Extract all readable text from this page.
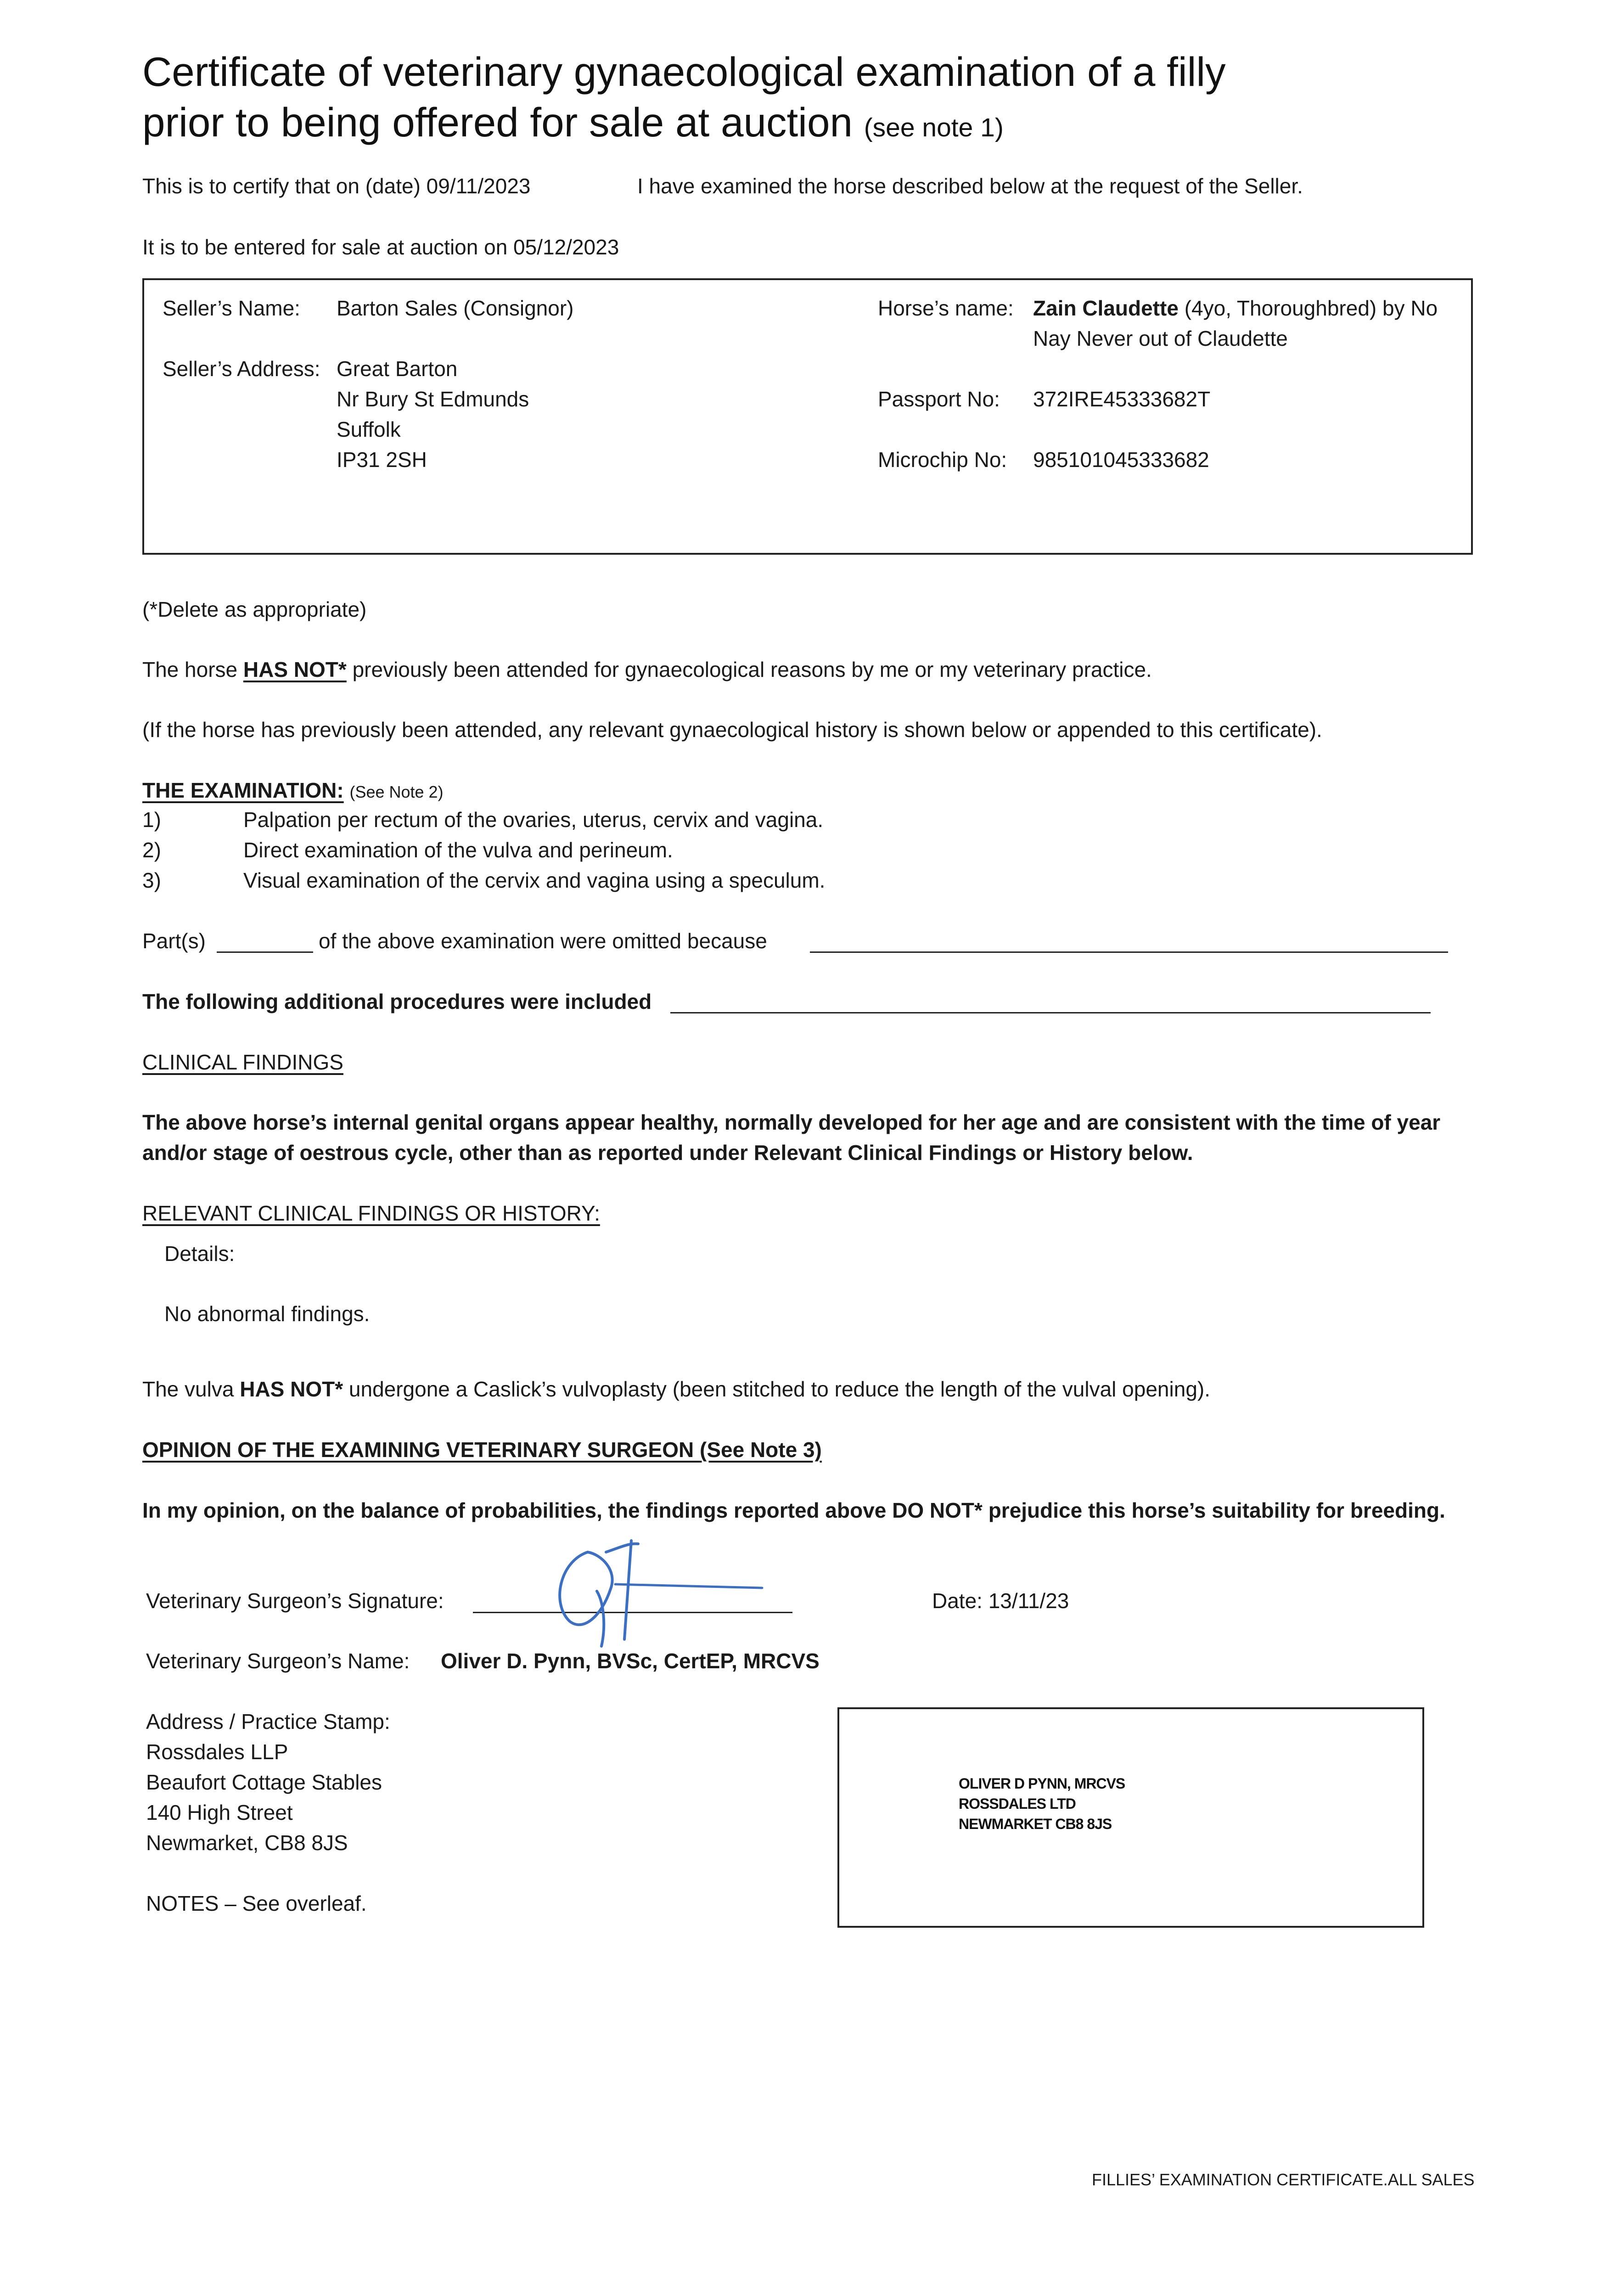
Certificate of veterinary gynaecological examination of a filly
prior to being offered for sale at auction (see note 1)
This is to certify that on (date) 09/11/2023	I have examined the horse described below at the request of the Seller.
It is to be entered for sale at auction on 05/12/2023
Seller’s Name: Barton Sales (Consignor)
Seller’s Address: Great Barton
Nr Bury St Edmunds
Suffolk
IP31 2SH
Horse’s name: Zain Claudette (4yo, Thoroughbred) by No
Nay Never out of Claudette
Passport No: 372IRE45333682T
Microchip No: 985101045333682
(*Delete as appropriate)
The horse HAS NOT* previously been attended for gynaecological reasons by me or my veterinary practice.
(If the horse has previously been attended, any relevant gynaecological history is shown below or appended to this certificate).
THE EXAMINATION: (See Note 2)
1)	Palpation per rectum of the ovaries, uterus, cervix and vagina.
2)	Direct examination of the vulva and perineum.
3)	Visual examination of the cervix and vagina using a speculum.
Part(s)	of the above examination were omitted because
The following additional procedures were included
CLINICAL FINDINGS
The above horse’s internal genital organs appear healthy, normally developed for her age and are consistent with the time of year
and/or stage of oestrous cycle, other than as reported under Relevant Clinical Findings or History below.
RELEVANT CLINICAL FINDINGS OR HISTORY:
Details:
No abnormal findings.
The vulva HAS NOT* undergone a Caslick’s vulvoplasty (been stitched to reduce the length of the vulval opening).
OPINION OF THE EXAMINING VETERINARY SURGEON (See Note 3)
In my opinion, on the balance of probabilities, the findings reported above DO NOT* prejudice this horse’s suitability for breeding.
Veterinary Surgeon’s Signature:	Date: 13/11/23
Veterinary Surgeon’s Name: Oliver D. Pynn, BVSc, CertEP, MRCVS
Address / Practice Stamp:
Rossdales LLP
Beaufort Cottage Stables
140 High Street
Newmarket, CB8 8JS
NOTES – See overleaf.
OLIVER D PYNN, MRCVS
ROSSDALES LTD
NEWMARKET CB8 8JS
FILLIES’ EXAMINATION CERTIFICATE.ALL SALES
